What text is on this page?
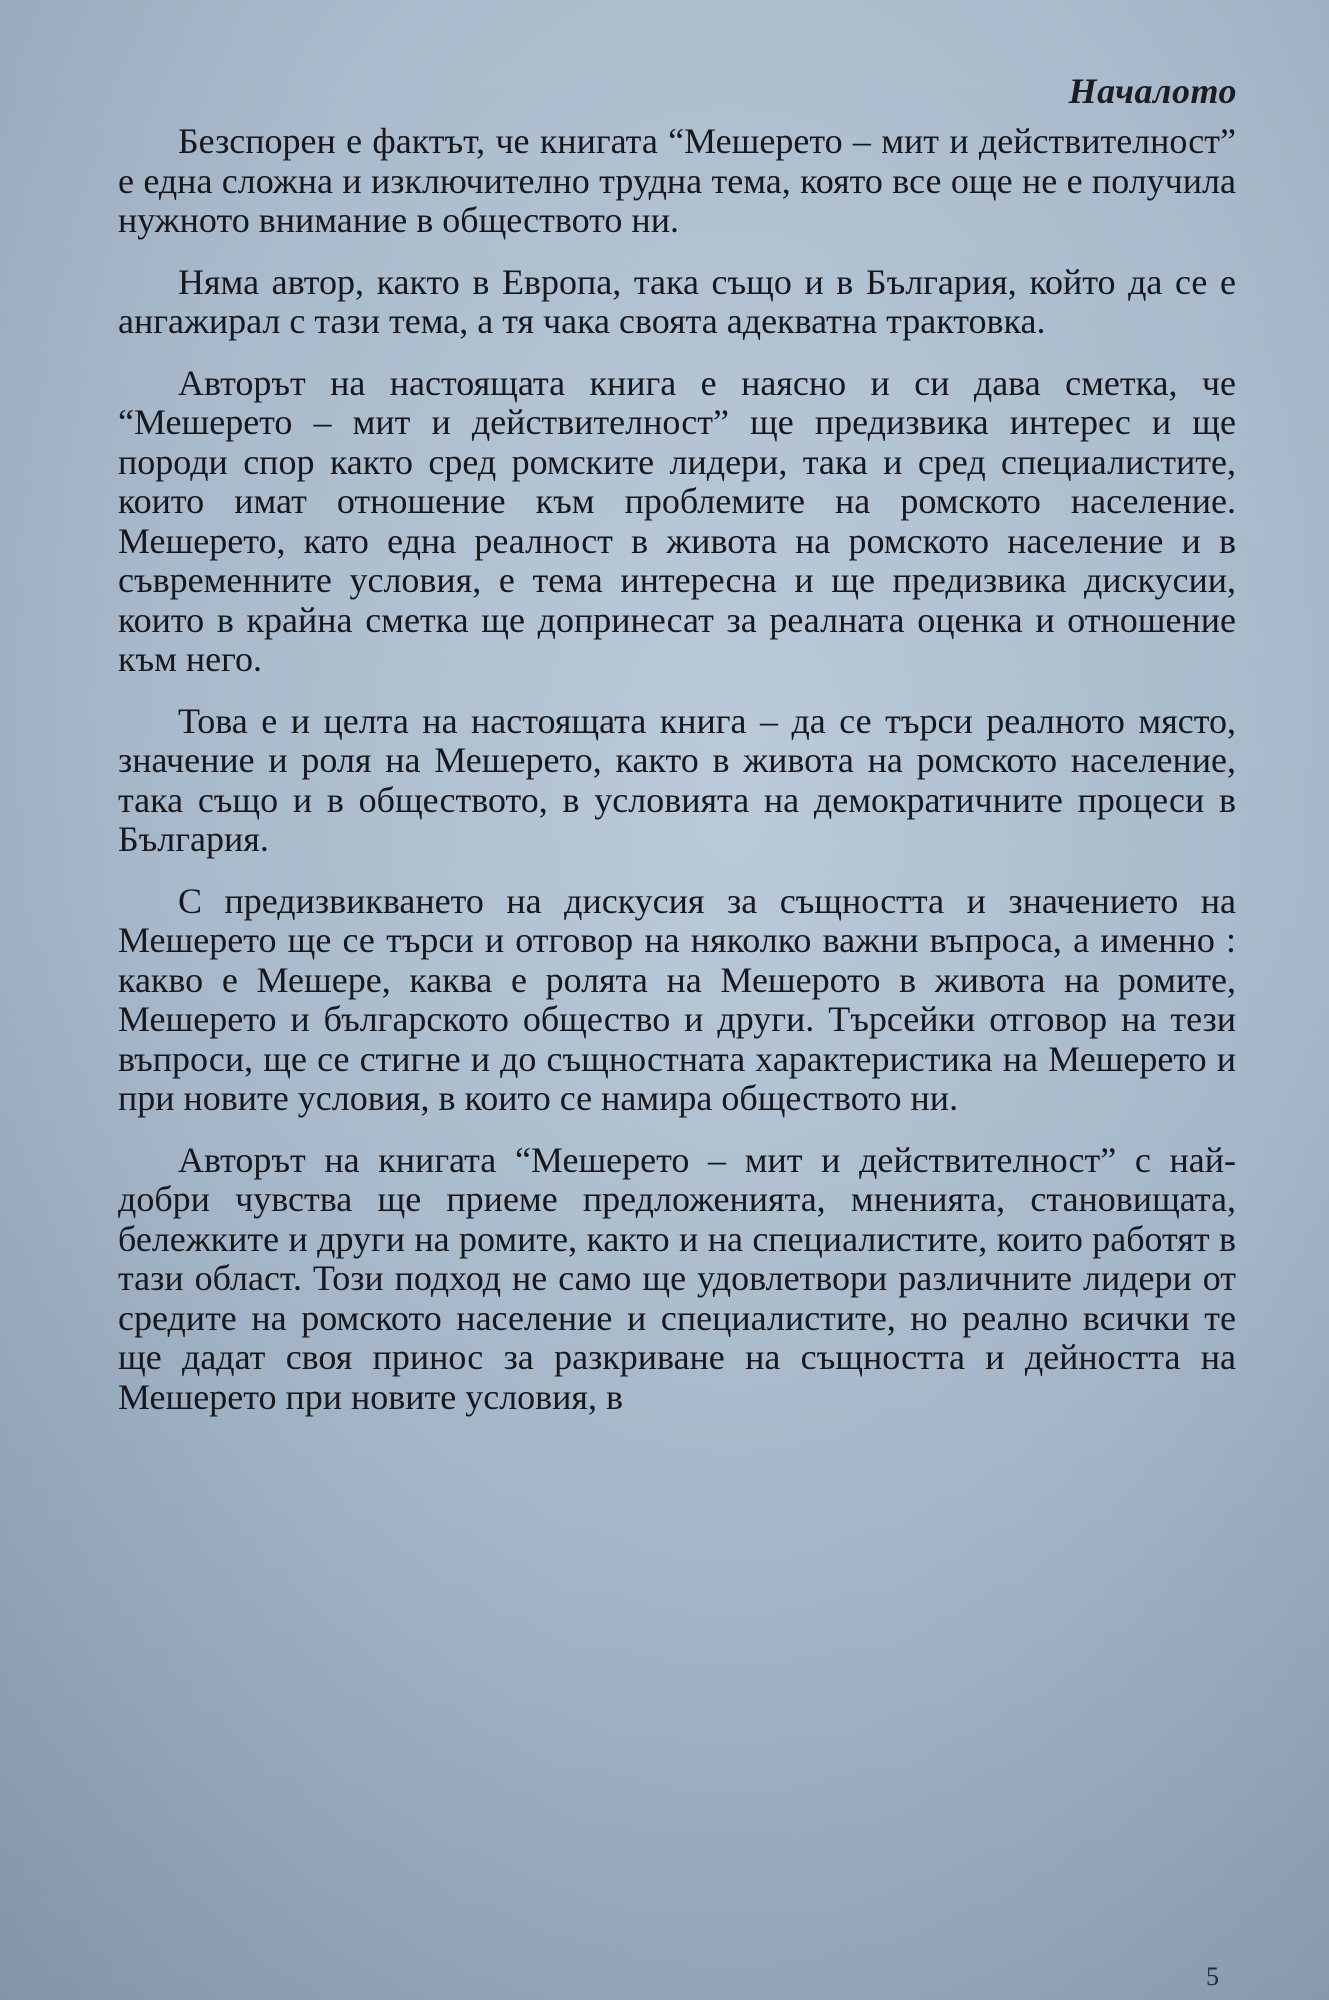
Началото

Безспорен е фактът, че книгата “Мешерето – мит и действителност” е една сложна и изключително трудна тема, която все още не е получила нужното внимание в обществото ни.

Няма автор, както в Европа, така също и в България, който да се е ангажирал с тази тема, а тя чака своята адекватна трактовка.

Авторът на настоящата книга е наясно и си дава сметка, че “Мешерето – мит и действителност” ще предизвика интерес и ще породи спор както сред ромските лидери, така и сред специалистите, които имат отношение към проблемите на ромското население. Мешерето, като една реалност в живота на ромското население и в съвременните условия, е тема интересна и ще предизвика дискусии, които в крайна сметка ще допринесат за реалната оценка и отношение към него.

Това е и целта на настоящата книга – да се търси реалното място, значение и роля на Мешерето, както в живота на ромското население, така също и в обществото, в условията на демократичните процеси в България.

С предизвикването на дискусия за същността и значението на Мешерето ще се търси и отговор на няколко важни въпроса, а именно : какво е Мешере, каква е ролята на Мешерото в живота на ромите, Мешерето и българското общество и други. Търсейки отговор на тези въпроси, ще се стигне и до същностната характеристика на Мешерето и при новите условия, в които се намира обществото ни.

Авторът на книгата “Мешерето – мит и действителност” с най-добри чувства ще приеме предложенията, мненията, становищата, бележките и други на ромите, както и на специалистите, които работят в тази област. Този подход не само ще удовлетвори различните лидери от средите на ромското население и специалистите, но реално всички те ще дадат своя принос за разкриване на същността и дейността на Мешерето при новите условия, в

5
